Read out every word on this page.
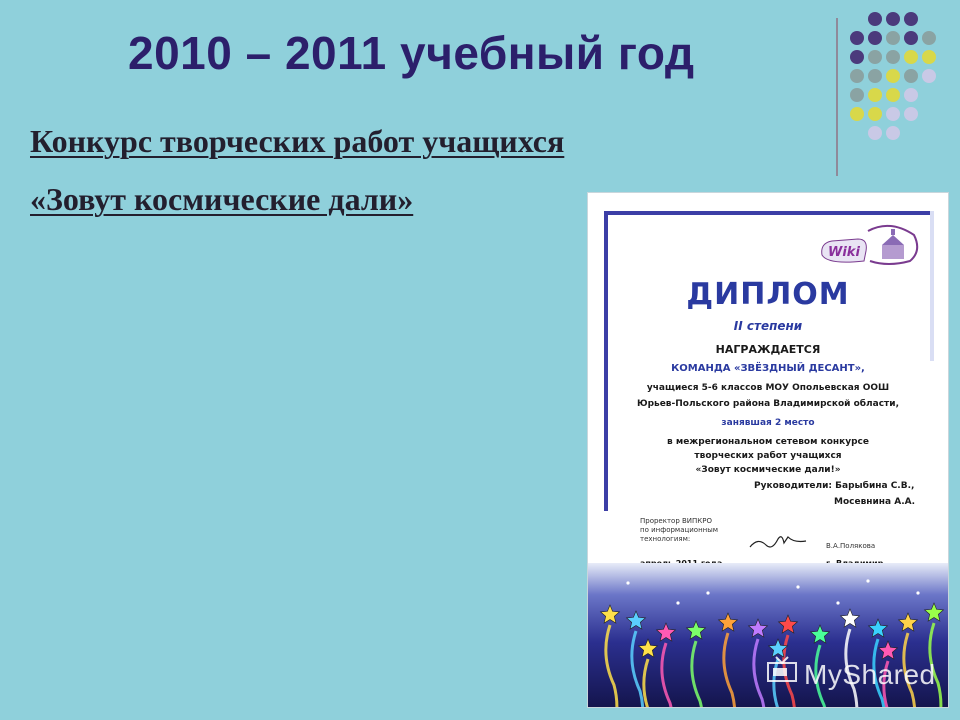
2010 – 2011 учебный год
Конкурс творческих работ учащихся
«Зовут космические дали»
Wiki
ДИПЛОМ
II степени
НАГРАЖДАЕТСЯ
КОМАНДА «ЗВЁЗДНЫЙ ДЕСАНТ»,
учащиеся 5-6 классов МОУ Опольевская ООШ
Юрьев-Польского района Владимирской области,
занявшая 2 место
в межрегиональном сетевом конкурсе
творческих работ учащихся
«Зовут космические дали!»
Руководители: Барыбина С.В.,
Мосевнина А.А.
Проректор ВИПКРО
по информационным
технологиям:
В.А.Полякова
MyShared
